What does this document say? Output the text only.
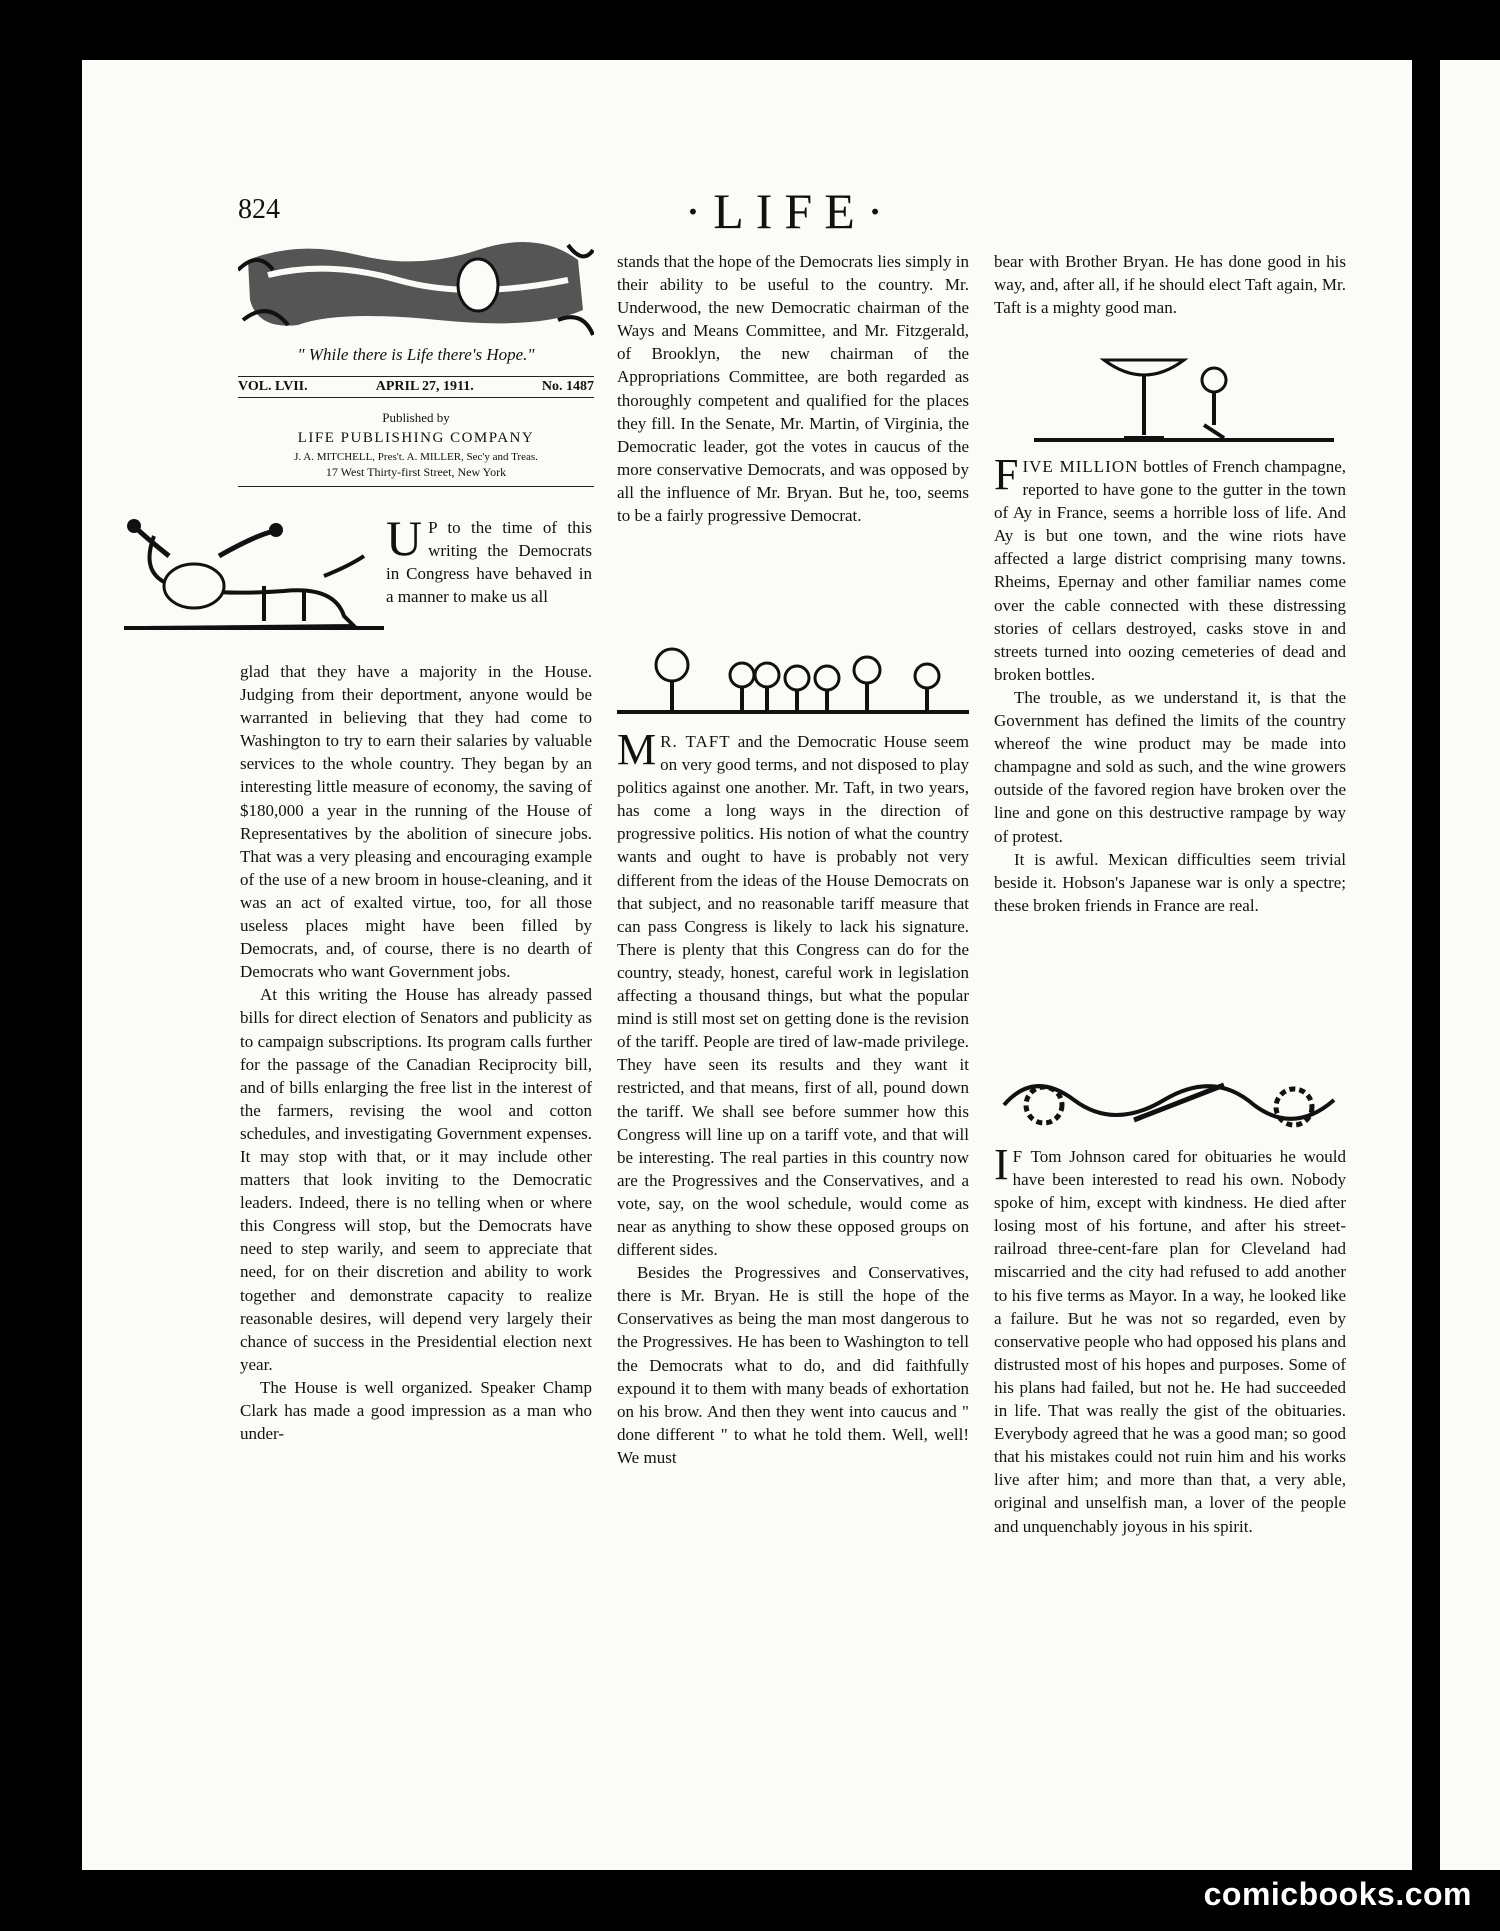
824	·LIFE·
" While there is Life there's Hope."
VOL. LVII.	APRIL 27, 1911.	No. 1487
Published by
LIFE PUBLISHING COMPANY
J. A. MITCHELL, Pres't. A. MILLER, Sec'y and Treas.
17 West Thirty-first Street, New York
U P to the time of this writing the Democrats in Congress have behaved in a manner to make us all

glad that they have a majority in the House. Judging from their deportment, anyone would be warranted in believing that they had come to Washington to try to earn their salaries by valuable services to the whole country. They began by an interesting little measure of economy, the saving of $180,000 a year in the running of the House of Representatives by the abolition of sinecure jobs. That was a very pleasing and encouraging example of the use of a new broom in house-cleaning, and it was an act of exalted virtue, too, for all those useless places might have been filled by Democrats, and, of course, there is no dearth of Democrats who want Government jobs.

At this writing the House has already passed bills for direct election of Senators and publicity as to campaign subscriptions. Its program calls further for the passage of the Canadian Reciprocity bill, and of bills enlarging the free list in the interest of the farmers, revising the wool and cotton schedules, and investigating Government expenses. It may stop with that, or it may include other matters that look inviting to the Democratic leaders. Indeed, there is no telling when or where this Congress will stop, but the Democrats have need to step warily, and seem to appreciate that need, for on their discretion and ability to work together and demonstrate capacity to realize reasonable desires, will depend very largely their chance of success in the Presidential election next year.

The House is well organized. Speaker Champ Clark has made a good impression as a man who under-

stands that the hope of the Democrats lies simply in their ability to be useful to the country. Mr. Underwood, the new Democratic chairman of the Ways and Means Committee, and Mr. Fitzgerald, of Brooklyn, the new chairman of the Appropriations Committee, are both regarded as thoroughly competent and qualified for the places they fill. In the Senate, Mr. Martin, of Virginia, the Democratic leader, got the votes in caucus of the more conservative Democrats, and was opposed by all the influence of Mr. Bryan. But he, too, seems to be a fairly progressive Democrat.

M R. TAFT and the Democratic House seem on very good terms, and not disposed to play politics against one another. Mr. Taft, in two years, has come a long ways in the direction of progressive politics. His notion of what the country wants and ought to have is probably not very different from the ideas of the House Democrats on that subject, and no reasonable tariff measure that can pass Congress is likely to lack his signature. There is plenty that this Congress can do for the country, steady, honest, careful work in legislation affecting a thousand things, but what the popular mind is still most set on getting done is the revision of the tariff. People are tired of law-made privilege. They have seen its results and they want it restricted, and that means, first of all, pound down the tariff. We shall see before summer how this Congress will line up on a tariff vote, and that will be interesting. The real parties in this country now are the Progressives and the Conservatives, and a vote, say, on the wool schedule, would come as near as anything to show these opposed groups on different sides.

Besides the Progressives and Conservatives, there is Mr. Bryan. He is still the hope of the Conservatives as being the man most dangerous to the Progressives. He has been to Washington to tell the Democrats what to do, and did faithfully expound it to them with many beads of exhortation on his brow. And then they went into caucus and " done different " to what he told them. Well, well! We must

bear with Brother Bryan. He has done good in his way, and, after all, if he should elect Taft again, Mr. Taft is a mighty good man.

FIVE MILLION bottles of French champagne, reported to have gone to the gutter in the town of Ay in France, seems a horrible loss of life. And Ay is but one town, and the wine riots have affected a large district comprising many towns. Rheims, Epernay and other familiar names come over the cable connected with these distressing stories of cellars destroyed, casks stove in and streets turned into oozing cemeteries of dead and broken bottles.

The trouble, as we understand it, is that the Government has defined the limits of the country whereof the wine product may be made into champagne and sold as such, and the wine growers outside of the favored region have broken over the line and gone on this destructive rampage by way of protest.

It is awful. Mexican difficulties seem trivial beside it. Hobson's Japanese war is only a spectre; these broken friends in France are real.

I F Tom Johnson cared for obituaries he would have been interested to read his own. Nobody spoke of him, except with kindness. He died after losing most of his fortune, and after his street-railroad three-cent-fare plan for Cleveland had miscarried and the city had refused to add another to his five terms as Mayor. In a way, he looked like a failure. But he was not so regarded, even by conservative people who had opposed his plans and distrusted most of his hopes and purposes. Some of his plans had failed, but not he. He had succeeded in life. That was really the gist of the obituaries. Everybody agreed that he was a good man; so good that his mistakes could not ruin him and his works live after him; and more than that, a very able, original and unselfish man, a lover of the people and unquenchably joyous in his spirit.

comicbooks.com
